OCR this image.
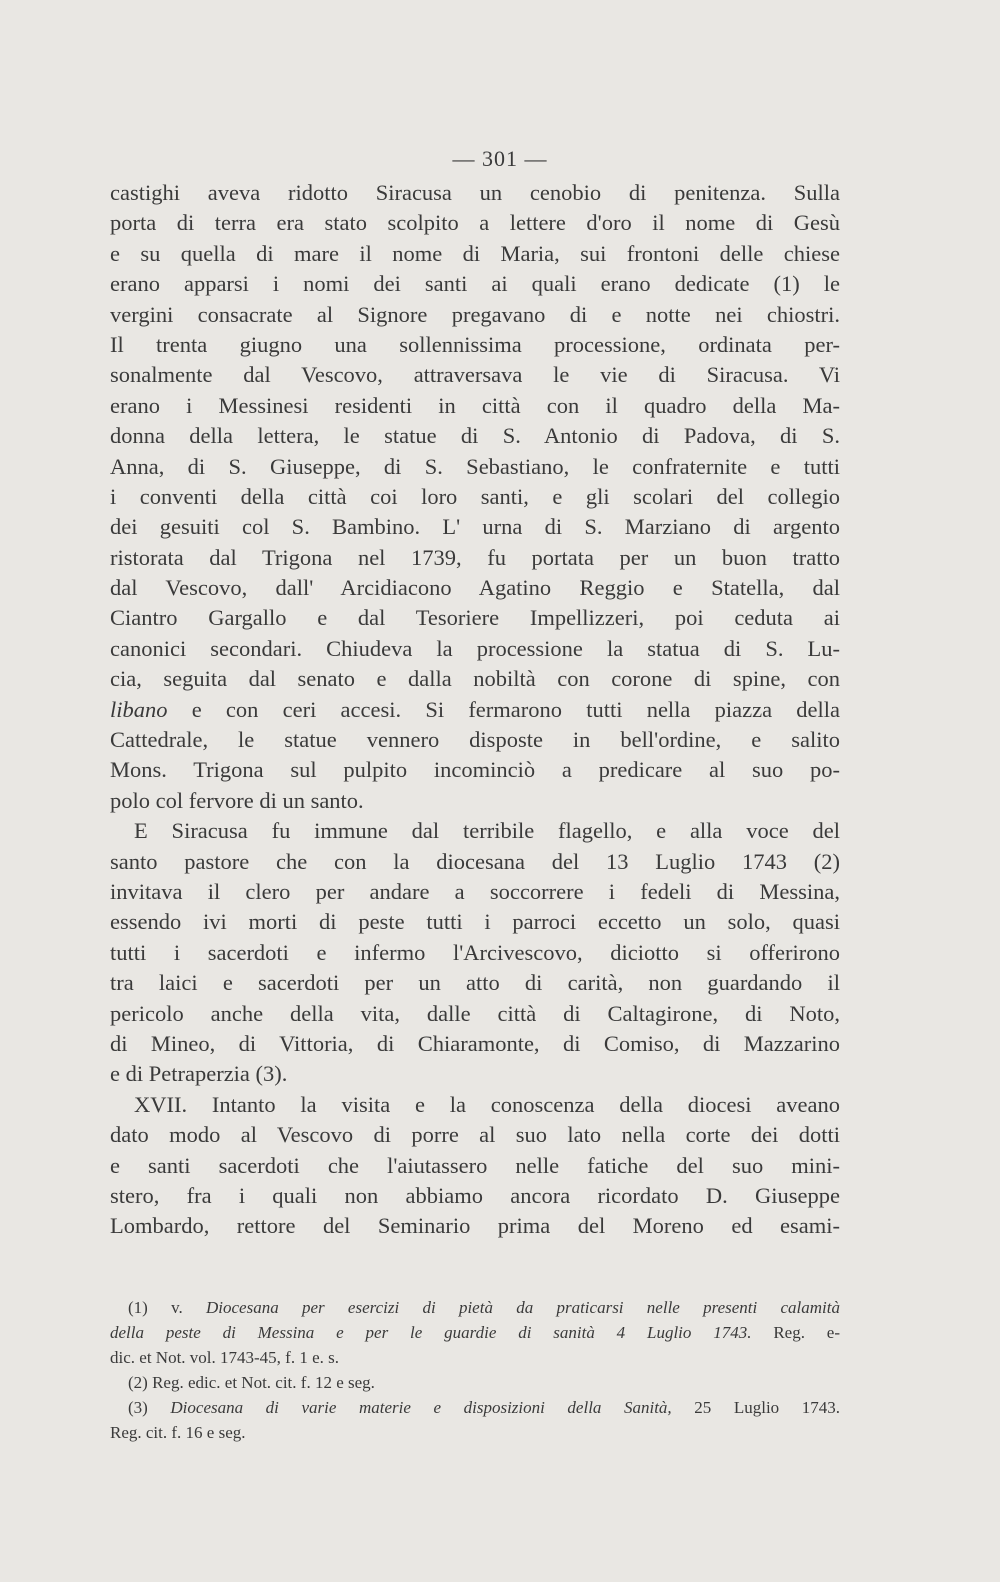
— 301 —
castighi aveva ridotto Siracusa un cenobio di penitenza. Sulla
porta di terra era stato scolpito a lettere d'oro il nome di Gesù
e su quella di mare il nome di Maria, sui frontoni delle chiese
erano apparsi i nomi dei santi ai quali erano dedicate (1) le
vergini consacrate al Signore pregavano di e notte nei chiostri.
Il trenta giugno una sollennissima processione, ordinata per-
sonalmente dal Vescovo, attraversava le vie di Siracusa. Vi
erano i Messinesi residenti in città con il quadro della Ma-
donna della lettera, le statue di S. Antonio di Padova, di S.
Anna, di S. Giuseppe, di S. Sebastiano, le confraternite e tutti
i conventi della città coi loro santi, e gli scolari del collegio
dei gesuiti col S. Bambino. L' urna di S. Marziano di argento
ristorata dal Trigona nel 1739, fu portata per un buon tratto
dal Vescovo, dall' Arcidiacono Agatino Reggio e Statella, dal
Ciantro Gargallo e dal Tesoriere Impellizzeri, poi ceduta ai
canonici secondari. Chiudeva la processione la statua di S. Lu-
cia, seguita dal senato e dalla nobiltà con corone di spine, con
libano e con ceri accesi. Si fermarono tutti nella piazza della
Cattedrale, le statue vennero disposte in bell'ordine, e salito
Mons. Trigona sul pulpito incominciò a predicare al suo po-
polo col fervore di un santo.
E Siracusa fu immune dal terribile flagello, e alla voce del
santo pastore che con la diocesana del 13 Luglio 1743 (2)
invitava il clero per andare a soccorrere i fedeli di Messina,
essendo ivi morti di peste tutti i parroci eccetto un solo, quasi
tutti i sacerdoti e infermo l'Arcivescovo, diciotto si offerirono
tra laici e sacerdoti per un atto di carità, non guardando il
pericolo anche della vita, dalle città di Caltagirone, di Noto,
di Mineo, di Vittoria, di Chiaramonte, di Comiso, di Mazzarino
e di Petraperzia (3).
XVII. Intanto la visita e la conoscenza della diocesi aveano
dato modo al Vescovo di porre al suo lato nella corte dei dotti
e santi sacerdoti che l'aiutassero nelle fatiche del suo mini-
stero, fra i quali non abbiamo ancora ricordato D. Giuseppe
Lombardo, rettore del Seminario prima del Moreno ed esami-
(1) v. Diocesana per esercizi di pietà da praticarsi nelle presenti calamità
della peste di Messina e per le guardie di sanità 4 Luglio 1743. Reg. e-
dic. et Not. vol. 1743-45, f. 1 e. s.
(2) Reg. edic. et Not. cit. f. 12 e seg.
(3) Diocesana di varie materie e disposizioni della Sanità, 25 Luglio 1743.
Reg. cit. f. 16 e seg.
